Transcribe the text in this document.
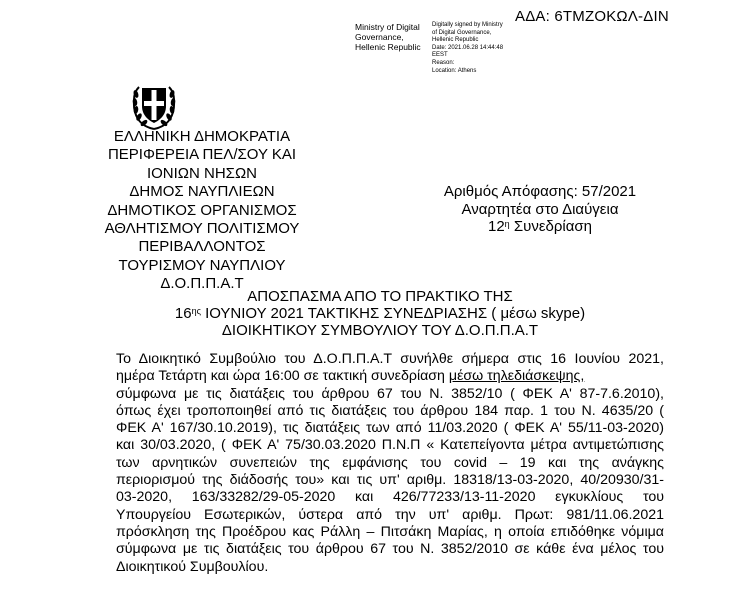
ΑΔΑ: 6ΤΜΖΟΚΩΛ-ΔΙΝ
Ministry of Digital
Governance,
Hellenic Republic
Digitally signed by Ministry
of Digital Governance,
Hellenic Republic
Date: 2021.06.28 14:44:48
EEST
Reason:
Location: Athens
ΕΛΛΗΝΙΚΗ ΔΗΜΟΚΡΑΤΙΑ
ΠΕΡΙΦΕΡΕΙΑ ΠΕΛ/ΣΟΥ ΚΑΙ
ΙΟΝΙΩΝ ΝΗΣΩΝ
ΔΗΜΟΣ ΝΑΥΠΛΙΕΩΝ
ΔΗΜΟΤΙΚΟΣ ΟΡΓΑΝΙΣΜΟΣ
ΑΘΛΗΤΙΣΜΟΥ ΠΟΛΙΤΙΣΜΟΥ
ΠΕΡΙΒΑΛΛΟΝΤΟΣ
ΤΟΥΡΙΣΜΟΥ ΝΑΥΠΛΙΟΥ
Δ.Ο.Π.Π.Α.Τ
Αριθμός Απόφασης: 57/2021
Αναρτητέα στο Διαύγεια
$12^\eta$ Συνεδρίαση
ΑΠΟΣΠΑΣΜΑ ΑΠΟ ΤΟ ΠΡΑΚΤΙΚΟ ΤΗΣ
$16^{\eta\varsigma}$ ΙΟΥΝΙΟΥ 2021 ΤΑΚΤΙΚΗΣ ΣΥΝΕΔΡΙΑΣΗΣ ( μέσω skype)
ΔΙΟΙΚΗΤΙΚΟΥ ΣΥΜΒΟΥΛΙΟΥ ΤΟΥ Δ.Ο.Π.Π.Α.Τ
Το Διοικητικό Συμβούλιο του Δ.Ο.Π.Π.Α.Τ συνήλθε σήμερα στις 16 Ιουνίου 2021,
ημέρα Τετάρτη και ώρα 16:00 σε τακτική συνεδρίαση μέσω τηλεδιάσκεψης,
σύμφωνα με τις διατάξεις του άρθρου 67 του Ν. 3852/10 ( ΦΕΚ Α' 87-7.6.2010),
όπως έχει τροποποιηθεί από τις διατάξεις του άρθρου 184 παρ. 1 του Ν. 4635/20 (
ΦΕΚ Α' 167/30.10.2019), τις διατάξεις των από 11/03.2020 ( ΦΕΚ Α' 55/11-03-2020)
και 30/03.2020, ( ΦΕΚ Α' 75/30.03.2020 Π.Ν.Π « Κατεπείγοντα μέτρα αντιμετώπισης
των αρνητικών συνεπειών της εμφάνισης του covid – 19 και της ανάγκης
περιορισμού της διάδοσής του» και τις υπ' αριθμ. 18318/13-03-2020, 40/20930/31-
03-2020, 163/33282/29-05-2020 και 426/77233/13-11-2020 εγκυκλίους του
Υπουργείου Εσωτερικών, ύστερα από την υπ' αριθμ. Πρωτ: 981/11.06.2021
πρόσκληση της Προέδρου κας Ράλλη – Πιτσάκη Μαρίας, η οποία επιδόθηκε νόμιμα
σύμφωνα με τις διατάξεις του άρθρου 67 του Ν. 3852/2010 σε κάθε ένα μέλος του
Διοικητικού Συμβουλίου.
